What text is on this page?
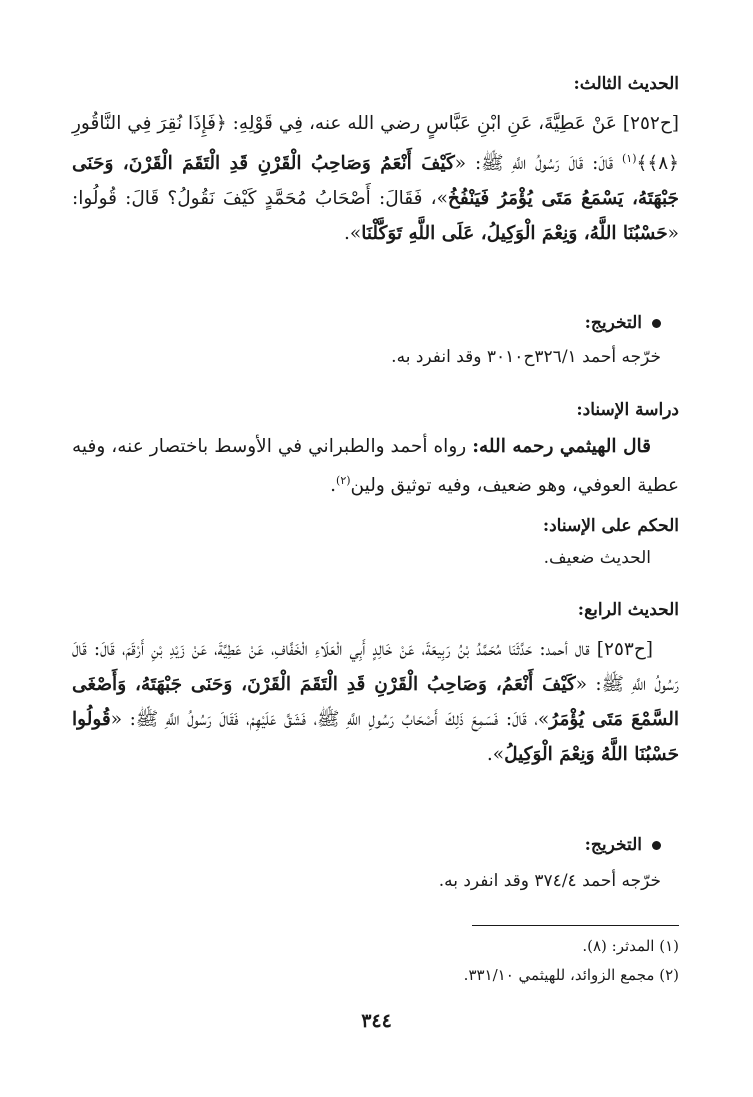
الحديث الثالث:
[ح٢٥٢] عَنْ عَطِيَّةَ، عَنِ ابْنِ عَبَّاسٍ رضي الله عنه، فِي قَوْلِهِ: ﴿فَإِذَا نُقِرَ فِي النَّاقُورِ ﴿٨﴾﴾$^{(١)}$ قَالَ: قَالَ رَسُولُ اللَّهِ ﷺ: «كَيْفَ أَنْعَمُ وَصَاحِبُ الْقَرْنِ قَدِ الْتَقَمَ الْقَرْنَ، وَحَنَى جَبْهَتَهُ، يَسْمَعُ مَتَى يُؤْمَرُ فَيَنْفُخُ»، فَقَالَ: أَصْحَابُ مُحَمَّدٍ كَيْفَ نَقُولُ؟ قَالَ: قُولُوا: «حَسْبُنَا اللَّهُ، وَنِعْمَ الْوَكِيلُ، عَلَى اللَّهِ تَوَكَّلْنَا».
التخريج:
خرّجه أحمد ٣٢٦/١ح٣٠١٠ وقد انفرد به.
دراسة الإسناد:
قال الهيثمي رحمه الله: رواه أحمد والطبراني في الأوسط باختصار عنه، وفيه عطية العوفي، وهو ضعيف، وفيه توثيق ولين$^{(٢)}$.
الحكم على الإسناد:
الحديث ضعيف.
الحديث الرابع:
[ح٢٥٣] قال أحمد: حَدَّثَنَا مُحَمَّدُ بْنُ رَبِيعَةَ، عَنْ خَالِدٍ أَبِي الْعَلَاءِ الْخَفَّافِ، عَنْ عَطِيَّةَ، عَنْ زَيْدِ بْنِ أَرْقَمَ، قَالَ: قَالَ رَسُولُ اللَّهِ ﷺ: «كَيْفَ أَنْعَمُ، وَصَاحِبُ الْقَرْنِ قَدِ الْتَقَمَ الْقَرْنَ، وَحَنَى جَبْهَتَهُ، وَأَصْغَى السَّمْعَ مَتَى يُؤْمَرُ»، قَالَ: فَسَمِعَ ذَلِكَ أَصْحَابُ رَسُولِ اللَّهِ ﷺ، فَشَقَّ عَلَيْهِمْ، فَقَالَ رَسُولُ اللَّهِ ﷺ: «قُولُوا حَسْبُنَا اللَّهُ وَنِعْمَ الْوَكِيلُ».
التخريج:
خرّجه أحمد ٣٧٤/٤ وقد انفرد به.
(١) المدثر: (٨).
(٢) مجمع الزوائد، للهيثمي ٣٣١/١٠.
٣٤٤
